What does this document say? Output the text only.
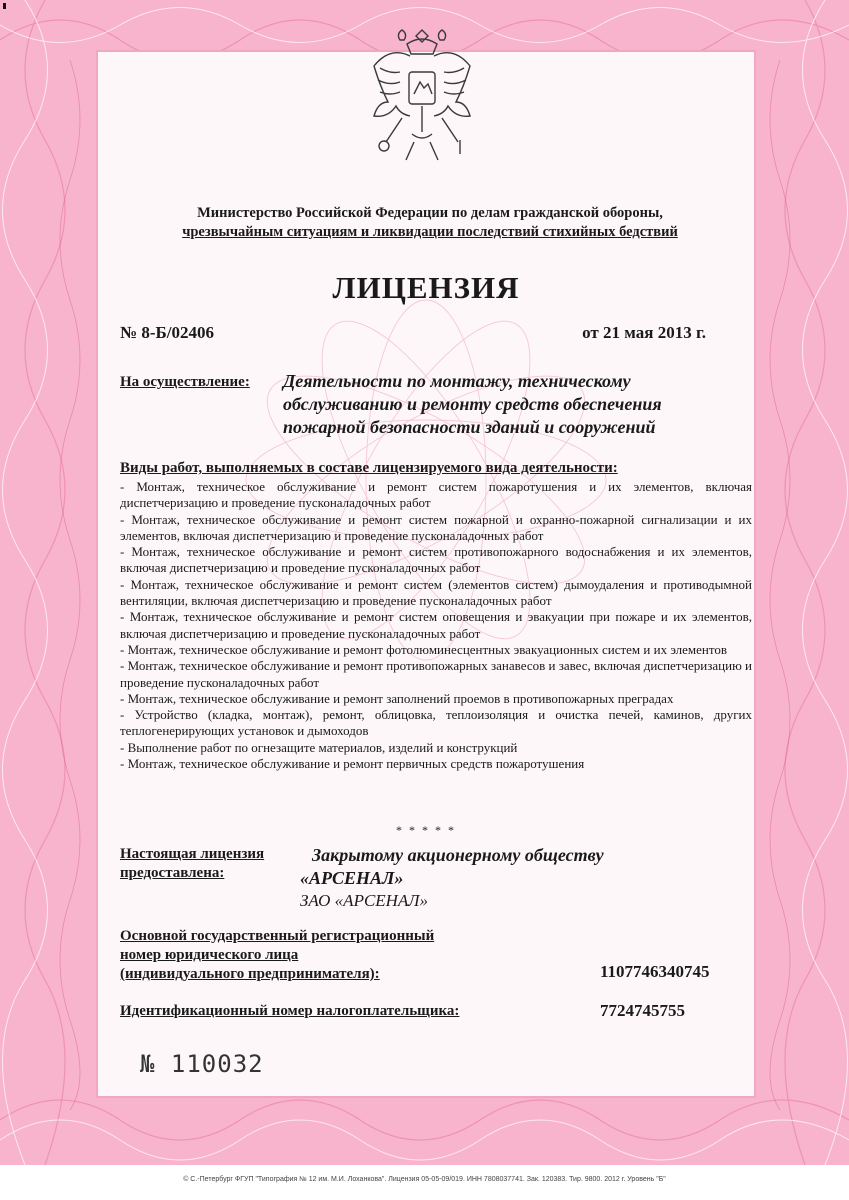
Министерство Российской Федерации по делам гражданской обороны,
чрезвычайным ситуациям и ликвидации последствий стихийных бедствий
ЛИЦЕНЗИЯ
№ 8-Б/02406	от 21 мая 2013 г.
На осуществление: Деятельности по монтажу, техническому
обслуживанию и ремонту средств обеспечения
пожарной безопасности зданий и сооружений
Виды работ, выполняемых в составе лицензируемого вида деятельности:
- Монтаж, техническое обслуживание и ремонт систем пожаротушения и их элементов, включая диспетчеризацию и проведение пусконаладочных работ
- Монтаж, техническое обслуживание и ремонт систем пожарной и охранно-пожарной сигнализации и их элементов, включая диспетчеризацию и проведение пусконаладочных работ
- Монтаж, техническое обслуживание и ремонт систем противопожарного водоснабжения и их элементов, включая диспетчеризацию и проведение пусконаладочных работ
- Монтаж, техническое обслуживание и ремонт систем (элементов систем) дымоудаления и противодымной вентиляции, включая диспетчеризацию и проведение пусконаладочных работ
- Монтаж, техническое обслуживание и ремонт систем оповещения и эвакуации при пожаре и их элементов, включая диспетчеризацию и проведение пусконаладочных работ
- Монтаж, техническое обслуживание и ремонт фотолюминесцентных эвакуационных систем и их элементов
- Монтаж, техническое обслуживание и ремонт противопожарных занавесов и завес, включая диспетчеризацию и проведение пусконаладочных работ
- Монтаж, техническое обслуживание и ремонт заполнений проемов в противопожарных преградах
- Устройство (кладка, монтаж), ремонт, облицовка, теплоизоляция и очистка печей, каминов, других теплогенерирующих установок и дымоходов
- Выполнение работ по огнезащите материалов, изделий и конструкций
- Монтаж, техническое обслуживание и ремонт первичных средств пожаротушения
* * * * *
Настоящая лицензия
предоставлена:
Закрытому акционерному обществу
«АРСЕНАЛ»
ЗАО «АРСЕНАЛ»
Основной государственный регистрационный
номер юридического лица
(индивидуального предпринимателя):	1107746340745
Идентификационный номер налогоплательщика:	7724745755
№ 110032
© С.-Петербург ФГУП "Типография № 12 им. М.И. Лоханкова". Лицензия 05-05-09/019. ИНН 7808037741. Зак. 120383. Тир. 9800. 2012 г. Уровень "Б"
